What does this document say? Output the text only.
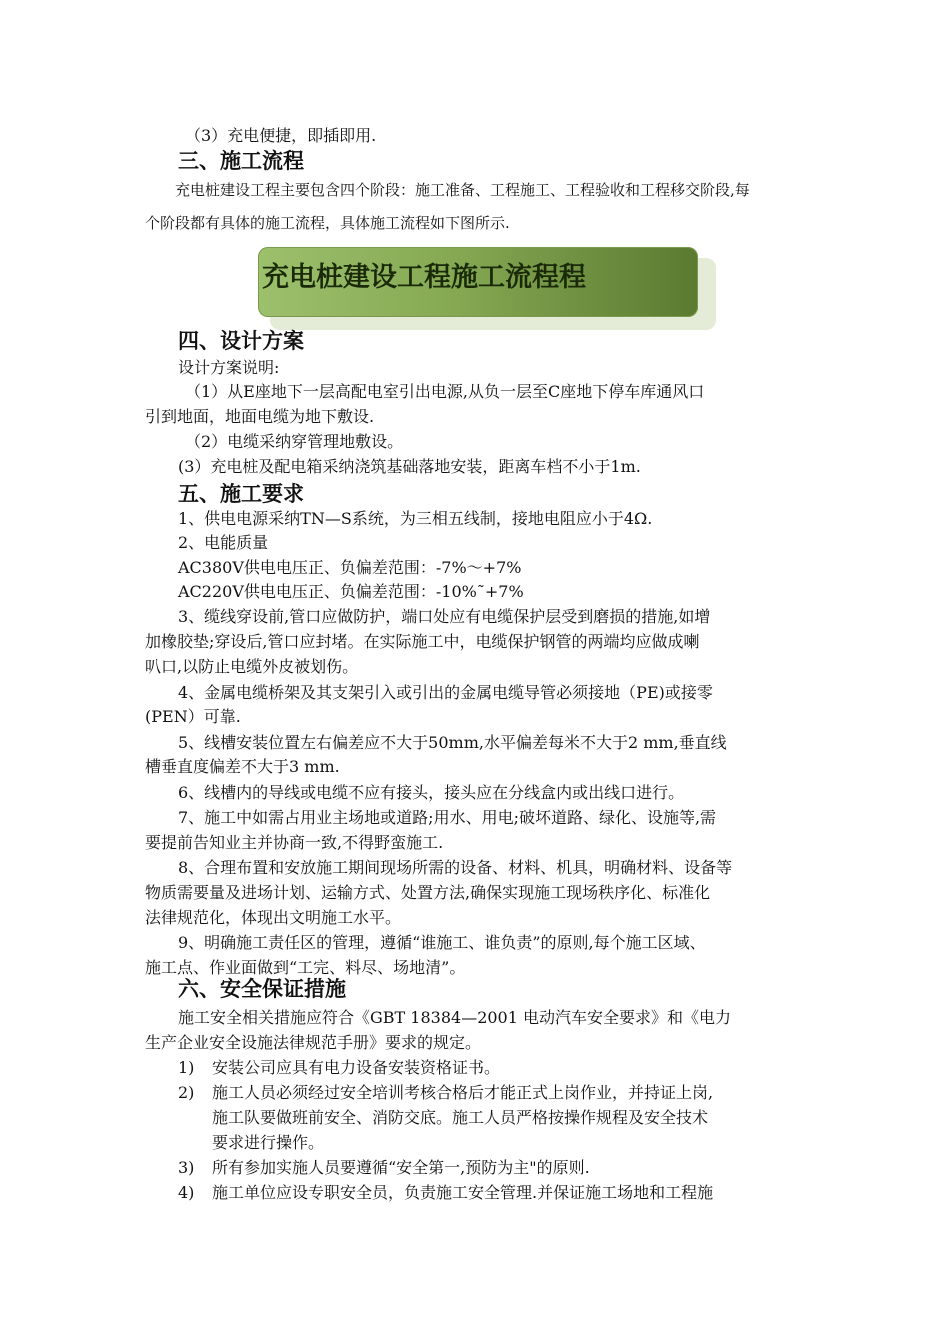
（3）充电便捷，即插即用.

三、施工流程

充电桩建设工程主要包含四个阶段：施工准备、工程施工、工程验收和工程移交阶段,每

个阶段都有具体的施工流程，具体施工流程如下图所示.

充电桩建设工程施工流程程
四、设计方案

设计方案说明:

（1）从E座地下一层高配电室引出电源,从负一层至C座地下停车库通风口

引到地面，地面电缆为地下敷设.

（2）电缆采纳穿管理地敷设。

(3）充电桩及配电箱采纳浇筑基础落地安装，距离车档不小于1m.

五、施工要求

1、供电电源采纳TN—S系统，为三相五线制，接地电阻应小于4Ω.

2、电能质量

AC380V供电电压正、负偏差范围：-7%～+7%

AC220V供电电压正、负偏差范围：-10%˜+7%

3、缆线穿设前,管口应做防护，端口处应有电缆保护层受到磨损的措施,如增

加橡胶垫;穿设后,管口应封堵。在实际施工中，电缆保护钢管的两端均应做成喇

叭口,以防止电缆外皮被划伤。

4、金属电缆桥架及其支架引入或引出的金属电缆导管必须接地（PE)或接零

(PEN）可靠.

5、线槽安装位置左右偏差应不大于50mm,水平偏差每米不大于2 mm,垂直线

槽垂直度偏差不大于3 mm.

6、线槽内的导线或电缆不应有接头，接头应在分线盒内或出线口进行。

7、施工中如需占用业主场地或道路;用水、用电;破坏道路、绿化、设施等,需

要提前告知业主并协商一致,不得野蛮施工.

8、合理布置和安放施工期间现场所需的设备、材料、机具，明确材料、设备等

物质需要量及进场计划、运输方式、处置方法,确保实现施工现场秩序化、标准化

法律规范化，体现出文明施工水平。

9、明确施工责任区的管理，遵循“谁施工、谁负责”的原则,每个施工区域、

施工点、作业面做到“工完、料尽、场地清”。

六、安全保证措施

施工安全相关措施应符合《GBT 18384—2001 电动汽车安全要求》和《电力

生产企业安全设施法律规范手册》要求的规定。

1) 安装公司应具有电力设备安装资格证书。

2) 施工人员必须经过安全培训考核合格后才能正式上岗作业，并持证上岗,

施工队要做班前安全、消防交底。施工人员严格按操作规程及安全技术

要求进行操作。

3) 所有参加实施人员要遵循“安全第一,预防为主"的原则.

4) 施工单位应设专职安全员，负责施工安全管理.并保证施工场地和工程施
